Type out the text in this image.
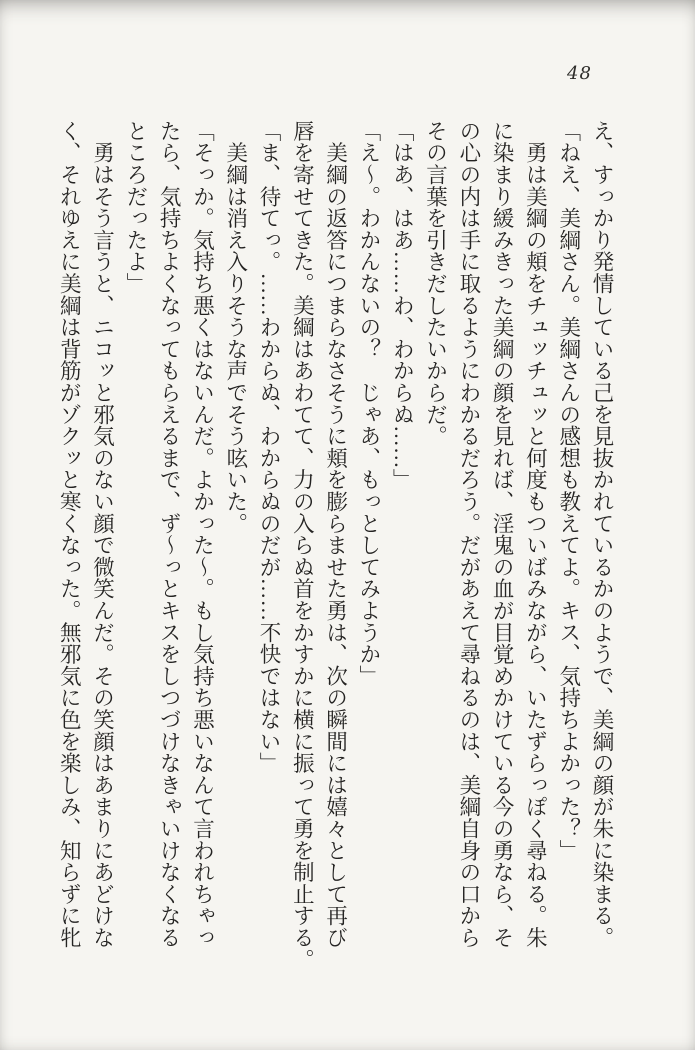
48
え、すっかり発情している己を見抜かれているかのようで、美綱の顔が朱に染まる。
「ねえ、美綱さん。美綱さんの感想も教えてよ。キス、気持ちよかった？」
　勇は美綱の頬をチュッチュッと何度もついばみながら、いたずらっぽく尋ねる。朱
に染まり緩みきった美綱の顔を見れば、淫鬼の血が目覚めかけている今の勇なら、そ
の心の内は手に取るようにわかるだろう。だがあえて尋ねるのは、美綱自身の口から
その言葉を引きだしたいからだ。
「はあ、はあ……わ、わからぬ……」
「え〜。わかんないの？　じゃあ、もっとしてみようか」
　美綱の返答につまらなさそうに頬を膨らませた勇は、次の瞬間には嬉々として再び
唇を寄せてきた。美綱はあわてて、力の入らぬ首をかすかに横に振って勇を制止する。
「ま、待てっ。……わからぬ、わからぬのだが……不快ではない」
　美綱は消え入りそうな声でそう呟いた。
「そっか。気持ち悪くはないんだ。よかった〜。もし気持ち悪いなんて言われちゃっ
たら、気持ちよくなってもらえるまで、ず〜っとキスをしつづけなきゃいけなくなる
ところだったよ」
　勇はそう言うと、ニコッと邪気のない顔で微笑んだ。その笑顔はあまりにあどけな
く、それゆえに美綱は背筋がゾクッと寒くなった。無邪気に色を楽しみ、知らずに牝
